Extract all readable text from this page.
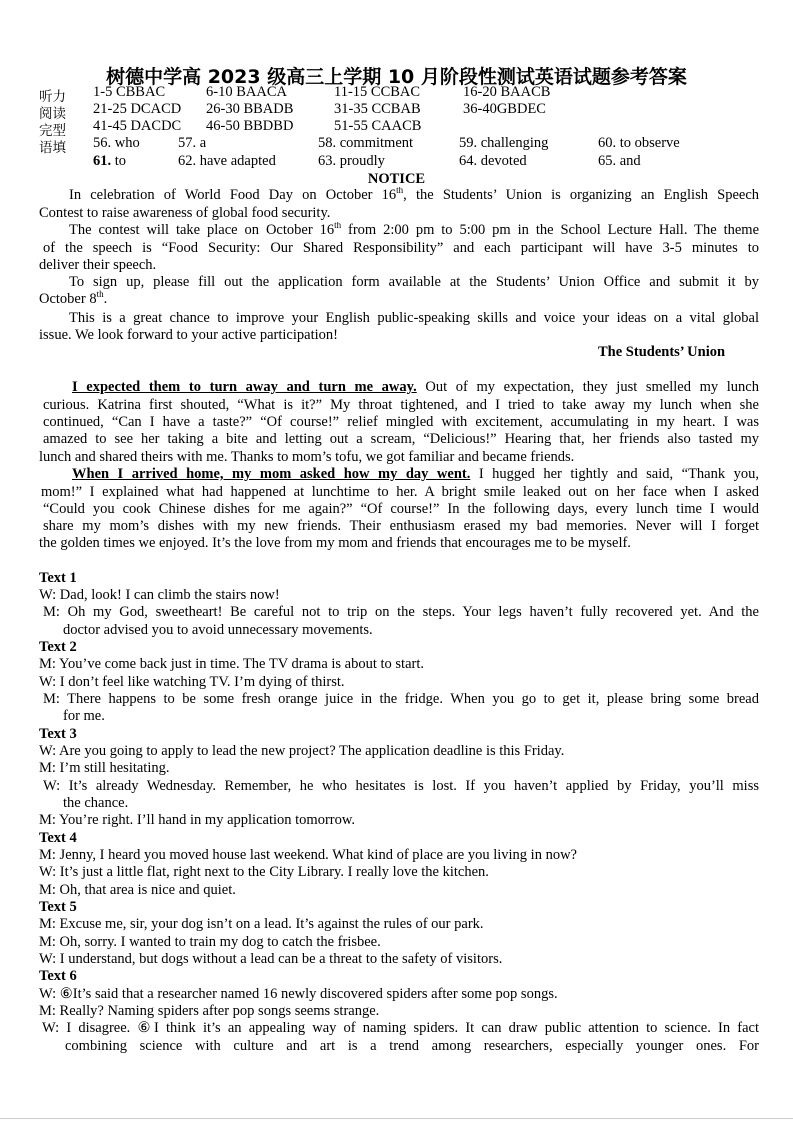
树德中学高 2023 级高三上学期 10 月阶段性测试英语试题参考答案
听力 1-5 CBBAC	6-10 BAACA	11-15 CCBAC	16-20 BAACB
阅读 21-25 DCACD 26-30 BBADB	31-35 CCBAB	36-40GBDEC
完型 41-45 DACDC 46-50 BBDBD	51-55 CAACB
语填 56. who	57. a	58. commitment	59. challenging	60. to observe
61. to	62. have adapted	63. proudly	64. devoted	65. and
NOTICE
In celebration of World Food Day on October 16th, the Students’ Union is organizing an English Speech
Contest to raise awareness of global food security.
The contest will take place on October 16th from 2:00 pm to 5:00 pm in the School Lecture Hall. The theme
of the speech is “Food Security: Our Shared Responsibility” and each participant will have 3-5 minutes to
deliver their speech.
To sign up, please fill out the application form available at the Students’ Union Office and submit it by
October 8th.
This is a great chance to improve your English public-speaking skills and voice your ideas on a vital global
issue. We look forward to your active participation!
The Students’ Union
I expected them to turn away and turn me away. Out of my expectation, they just smelled my lunch
curious. Katrina first shouted, “What is it?” My throat tightened, and I tried to take away my lunch when she
continued, “Can I have a taste?” “Of course!” relief mingled with excitement, accumulating in my heart. I was
amazed to see her taking a bite and letting out a scream, “Delicious!” Hearing that, her friends also tasted my
lunch and shared theirs with me. Thanks to mom’s tofu, we got familiar and became friends.
When I arrived home, my mom asked how my day went. I hugged her tightly and said, “Thank you,
mom!” I explained what had happened at lunchtime to her. A bright smile leaked out on her face when I asked
“Could you cook Chinese dishes for me again?” “Of course!” In the following days, every lunch time I would
share my mom’s dishes with my new friends. Their enthusiasm erased my bad memories. Never will I forget
the golden times we enjoyed. It’s the love from my mom and friends that encourages me to be myself.
Text 1
W: Dad, look! I can climb the stairs now!
M: Oh my God, sweetheart! Be careful not to trip on the steps. Your legs haven’t fully recovered yet. And the
doctor advised you to avoid unnecessary movements.
Text 2
M: You’ve come back just in time. The TV drama is about to start.
W: I don’t feel like watching TV. I’m dying of thirst.
M: There happens to be some fresh orange juice in the fridge. When you go to get it, please bring some bread
for me.
Text 3
W: Are you going to apply to lead the new project? The application deadline is this Friday.
M: I’m still hesitating.
W: It’s already Wednesday. Remember, he who hesitates is lost. If you haven’t applied by Friday, you’ll miss
the chance.
M: You’re right. I’ll hand in my application tomorrow.
Text 4
M: Jenny, I heard you moved house last weekend. What kind of place are you living in now?
W: It’s just a little flat, right next to the City Library. I really love the kitchen.
M: Oh, that area is nice and quiet.
Text 5
M: Excuse me, sir, your dog isn’t on a lead. It’s against the rules of our park.
M: Oh, sorry. I wanted to train my dog to catch the frisbee.
W: I understand, but dogs without a lead can be a threat to the safety of visitors.
Text 6
W: ⑥It’s said that a researcher named 16 newly discovered spiders after some pop songs.
M: Really? Naming spiders after pop songs seems strange.
W: I disagree. ⑥I think it’s an appealing way of naming spiders. It can draw public attention to science. In fact
combining science with culture and art is a trend among researchers, especially younger ones. For
